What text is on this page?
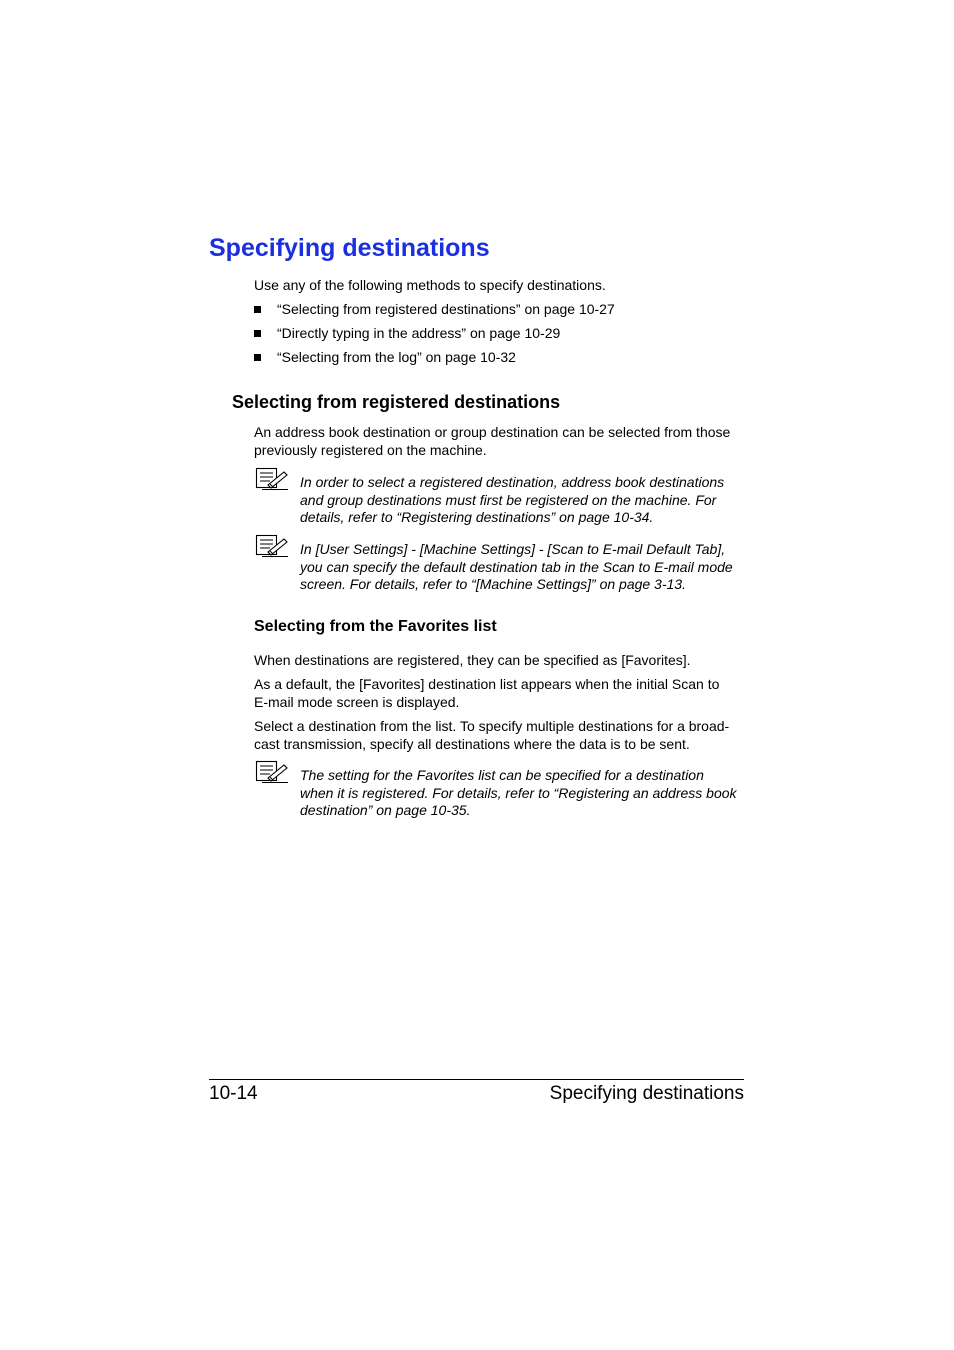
Specifying destinations
Use any of the following methods to specify destinations.
“Selecting from registered destinations” on page 10-27
“Directly typing in the address” on page 10-29
“Selecting from the log” on page 10-32
Selecting from registered destinations
An address book destination or group destination can be selected from those
previously registered on the machine.
In order to select a registered destination, address book destinations
and group destinations must first be registered on the machine. For
details, refer to “Registering destinations” on page 10-34.
In [User Settings] - [Machine Settings] - [Scan to E-mail Default Tab],
you can specify the default destination tab in the Scan to E-mail mode
screen. For details, refer to “[Machine Settings]” on page 3-13.
Selecting from the Favorites list
When destinations are registered, they can be specified as [Favorites].
As a default, the [Favorites] destination list appears when the initial Scan to
E-mail mode screen is displayed.
Select a destination from the list. To specify multiple destinations for a broad-
cast transmission, specify all destinations where the data is to be sent.
The setting for the Favorites list can be specified for a destination
when it is registered. For details, refer to “Registering an address book
destination” on page 10-35.
10-14	Specifying destinations
